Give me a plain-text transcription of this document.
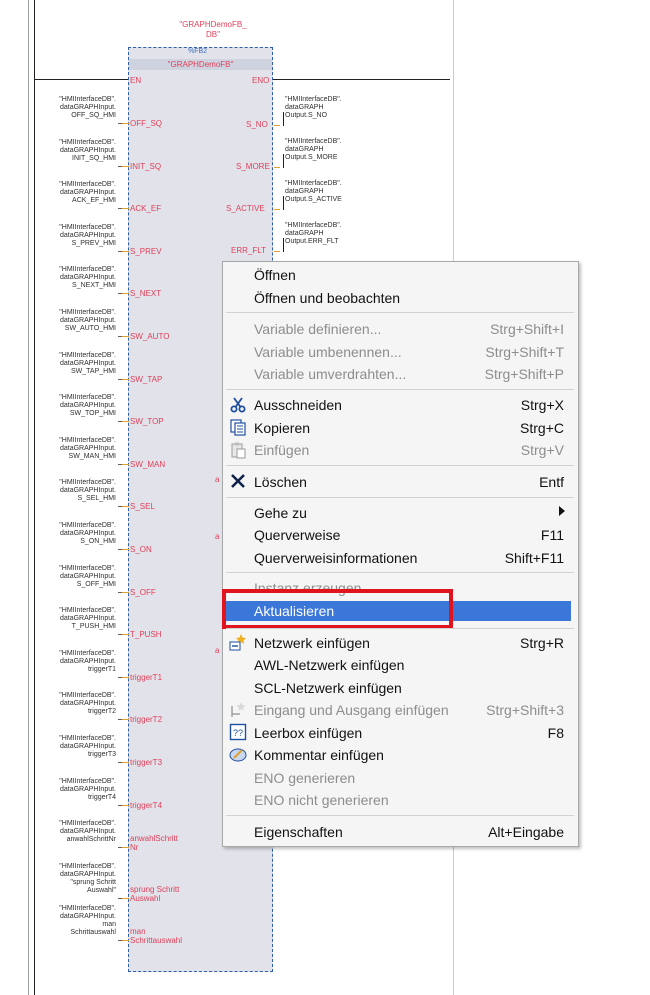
"GRAPHDemoFB_
DB"
%FB2
"GRAPHDemoFB"
EN	ENO
"HMIInterfaceDB".
dataGRAPHInput.
OFF_SQ_HMI
OFF_SQ
"HMIInterfaceDB".
dataGRAPHInput.
INIT_SQ_HMI
INIT_SQ
"HMIInterfaceDB".
dataGRAPHInput.
ACK_EF_HMI
ACK_EF
"HMIInterfaceDB".
dataGRAPHInput.
S_PREV_HMI
S_PREV
"HMIInterfaceDB".
dataGRAPHInput.
S_NEXT_HMI
S_NEXT
"HMIInterfaceDB".
dataGRAPHInput.
SW_AUTO_HMI
SW_AUTO
"HMIInterfaceDB".
dataGRAPHInput.
SW_TAP_HMI
SW_TAP
"HMIInterfaceDB".
dataGRAPHInput.
SW_TOP_HMI
SW_TOP
"HMIInterfaceDB".
dataGRAPHInput.
SW_MAN_HMI
SW_MAN
"HMIInterfaceDB".
dataGRAPHInput.
S_SEL_HMI
S_SEL
"HMIInterfaceDB".
dataGRAPHInput.
S_ON_HMI
S_ON
"HMIInterfaceDB".
dataGRAPHInput.
S_OFF_HMI
S_OFF
"HMIInterfaceDB".
dataGRAPHInput.
T_PUSH_HMI
T_PUSH
"HMIInterfaceDB".
dataGRAPHInput.
triggerT1
triggerT1
"HMIInterfaceDB".
dataGRAPHInput.
triggerT2
triggerT2
"HMIInterfaceDB".
dataGRAPHInput.
triggerT3
triggerT3
"HMIInterfaceDB".
dataGRAPHInput.
triggerT4
triggerT4
"HMIInterfaceDB".
dataGRAPHInput.
anwahlSchrittNr anwahlSchritt
Nr
"HMIInterfaceDB".
dataGRAPHInput.
"sprung Schritt
Auswahl" sprung Schritt
Auswahl
"HMIInterfaceDB".
dataGRAPHInput.
man
Schrittauswahl man
Schrittauswahl
"HMIInterfaceDB".
dataGRAPH
Output.S_NO
S_NO
"HMIInterfaceDB".
dataGRAPH
Output.S_MORE
S_MORE
"HMIInterfaceDB".
dataGRAPH
Output.S_ACTIVE
S_ACTIVE
"HMIInterfaceDB".
dataGRAPH
Output.ERR_FLT
ERR_FLT
a
a
a
Öffnen
Öffnen und beobachten
Variable definieren...	Strg+Shift+I
Variable umbenennen...	Strg+Shift+T
Variable umverdrahten...	Strg+Shift+P
Ausschneiden	Strg+X
Kopieren	Strg+C
Einfügen	Strg+V
Löschen	Entf
Gehe zu
Querverweise	F11
Querverweisinformationen	Shift+F11
Instanz erzeugen
Aktualisieren
Netzwerk einfügen	Strg+R
AWL-Netzwerk einfügen
SCL-Netzwerk einfügen
Eingang und Ausgang einfügen	Strg+Shift+3
?? Leerbox einfügen	F8
Kommentar einfügen
ENO generieren
ENO nicht generieren
Eigenschaften	Alt+Eingabe
